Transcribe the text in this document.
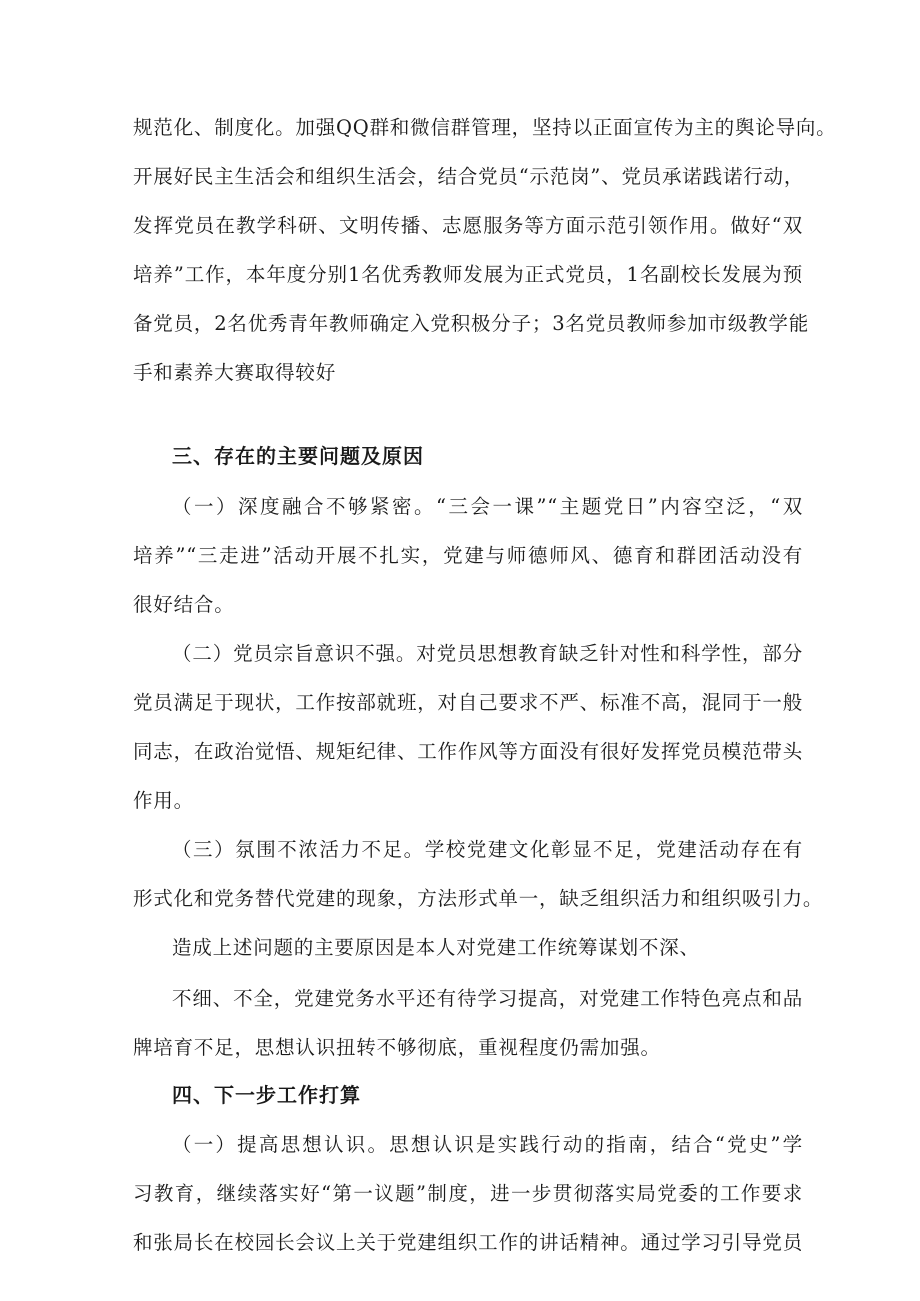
规范化、制度化。加强QQ群和微信群管理，坚持以正面宣传为主的舆论导向。
开展好民主生活会和组织生活会，结合党员“示范岗”、党员承诺践诺行动，
发挥党员在教学科研、文明传播、志愿服务等方面示范引领作用。做好“双
培养”工作，本年度分别1名优秀教师发展为正式党员，1名副校长发展为预
备党员，2名优秀青年教师确定入党积极分子；3名党员教师参加市级教学能
手和素养大赛取得较好
三、存在的主要问题及原因
（一）深度融合不够紧密。“三会一课”“主题党日”内容空泛，“双
培养”“三走进”活动开展不扎实，党建与师德师风、德育和群团活动没有
很好结合。
（二）党员宗旨意识不强。对党员思想教育缺乏针对性和科学性，部分
党员满足于现状，工作按部就班，对自己要求不严、标准不高，混同于一般
同志，在政治觉悟、规矩纪律、工作作风等方面没有很好发挥党员模范带头
作用。
（三）氛围不浓活力不足。学校党建文化彰显不足，党建活动存在有
形式化和党务替代党建的现象，方法形式单一，缺乏组织活力和组织吸引力。
造成上述问题的主要原因是本人对党建工作统筹谋划不深、
不细、不全，党建党务水平还有待学习提高，对党建工作特色亮点和品
牌培育不足，思想认识扭转不够彻底，重视程度仍需加强。
四、下一步工作打算
（一）提高思想认识。思想认识是实践行动的指南，结合“党史”学
习教育，继续落实好“第一议题”制度，进一步贯彻落实局党委的工作要求
和张局长在校园长会议上关于党建组织工作的讲话精神。通过学习引导党员
